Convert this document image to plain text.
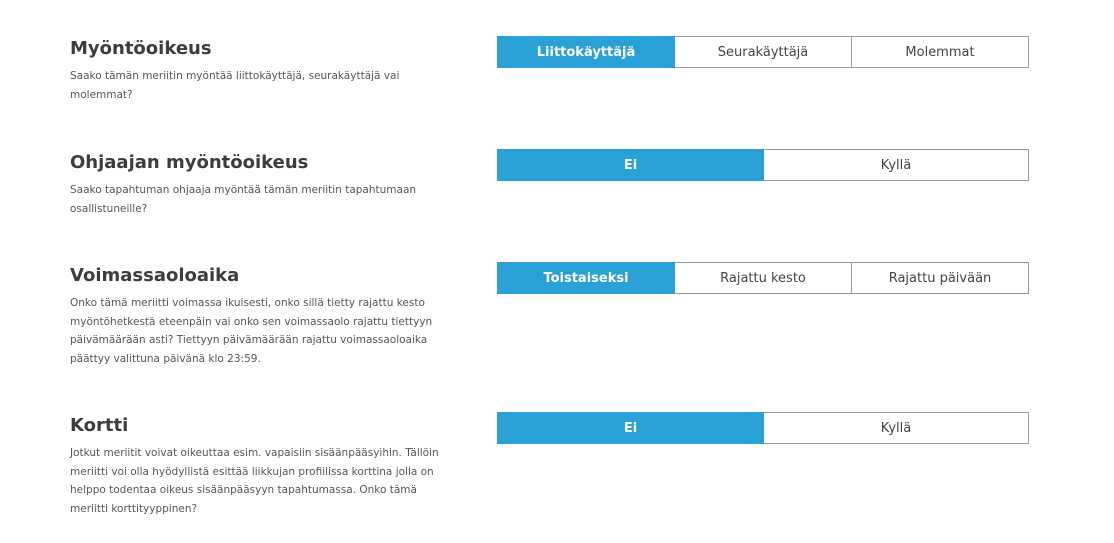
Myöntöoikeus

Saako tämän meriitin myöntää liittokäyttäjä, seurakäyttäjä vai molemmat?

Liittokäyttäjä	Seurakäyttäjä	Molemmat
Ohjaajan myöntöoikeus

Saako tapahtuman ohjaaja myöntää tämän meriitin tapahtumaan osallistuneille?

Ei	Kyllä
Voimassaoloaika

Onko tämä meriitti voimassa ikuisesti, onko sillä tietty rajattu kesto myöntöhetkestä eteenpäin vai onko sen voimassaolo rajattu tiettyyn päivämäärään asti? Tiettyyn päivämäärään rajattu voimassaoloaika päättyy valittuna päivänä klo 23:59.

Toistaiseksi	Rajattu kesto	Rajattu päivään
Kortti

Jotkut meriitit voivat oikeuttaa esim. vapaisiin sisäänpääsyihin. Tällöin meriitti voi olla hyödyllistä esittää liikkujan profiilissa korttina jolla on helppo todentaa oikeus sisäänpääsyyn tapahtumassa. Onko tämä meriitti korttityyppinen?

Ei	Kyllä
